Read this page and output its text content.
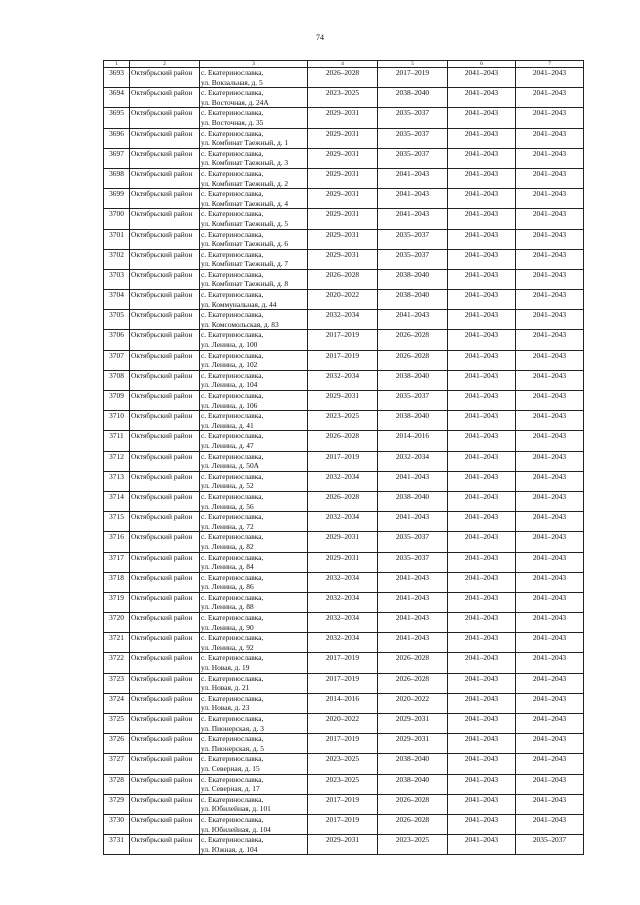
74
1	2	3	4	5	6	7
3693	Октябрьский район	с. Екатеринославка,
ул. Вокзальная, д. 5	2026–2028	2017–2019	2041–2043	2041–2043
3694	Октябрьский район	с. Екатеринославка,
ул. Восточная, д. 24А	2023–2025	2038–2040	2041–2043	2041–2043
3695	Октябрьский район	с. Екатеринославка,
ул. Восточная, д. 35	2029–2031	2035–2037	2041–2043	2041–2043
3696	Октябрьский район	с. Екатеринославка,
ул. Комбинат Таежный, д. 1	2029–2031	2035–2037	2041–2043	2041–2043
3697	Октябрьский район	с. Екатеринославка,
ул. Комбинат Таежный, д. 3	2029–2031	2035–2037	2041–2043	2041–2043
3698	Октябрьский район	с. Екатеринославка,
ул. Комбинат Таежный, д. 2	2029–2031	2041–2043	2041–2043	2041–2043
3699	Октябрьский район	с. Екатеринославка,
ул. Комбинат Таежный, д. 4	2029–2031	2041–2043	2041–2043	2041–2043
3700	Октябрьский район	с. Екатеринославка,
ул. Комбинат Таежный, д. 5	2029–2031	2041–2043	2041–2043	2041–2043
3701	Октябрьский район	с. Екатеринославка,
ул. Комбинат Таежный, д. 6	2029–2031	2035–2037	2041–2043	2041–2043
3702	Октябрьский район	с. Екатеринославка,
ул. Комбинат Таежный, д. 7	2029–2031	2035–2037	2041–2043	2041–2043
3703	Октябрьский район	с. Екатеринославка,
ул. Комбинат Таежный, д. 8	2026–2028	2038–2040	2041–2043	2041–2043
3704	Октябрьский район	с. Екатеринославка,
ул. Коммунальная, д. 44	2020–2022	2038–2040	2041–2043	2041–2043
3705	Октябрьский район	с. Екатеринославка,
ул. Комсомольская, д. 83	2032–2034	2041–2043	2041–2043	2041–2043
3706	Октябрьский район	с. Екатеринославка,
ул. Ленина, д. 100	2017–2019	2026–2028	2041–2043	2041–2043
3707	Октябрьский район	с. Екатеринославка,
ул. Ленина, д. 102	2017–2019	2026–2028	2041–2043	2041–2043
3708	Октябрьский район	с. Екатеринославка,
ул. Ленина, д. 104	2032–2034	2038–2040	2041–2043	2041–2043
3709	Октябрьский район	с. Екатеринославка,
ул. Ленина, д. 106	2029–2031	2035–2037	2041–2043	2041–2043
3710	Октябрьский район	с. Екатеринославка,
ул. Ленина, д. 41	2023–2025	2038–2040	2041–2043	2041–2043
3711	Октябрьский район	с. Екатеринославка,
ул. Ленина, д. 47	2026–2028	2014–2016	2041–2043	2041–2043
3712	Октябрьский район	с. Екатеринославка,
ул. Ленина, д. 50А	2017–2019	2032–2034	2041–2043	2041–2043
3713	Октябрьский район	с. Екатеринославка,
ул. Ленина, д. 52	2032–2034	2041–2043	2041–2043	2041–2043
3714	Октябрьский район	с. Екатеринославка,
ул. Ленина, д. 56	2026–2028	2038–2040	2041–2043	2041–2043
3715	Октябрьский район	с. Екатеринославка,
ул. Ленина, д. 72	2032–2034	2041–2043	2041–2043	2041–2043
3716	Октябрьский район	с. Екатеринославка,
ул. Ленина, д. 82	2029–2031	2035–2037	2041–2043	2041–2043
3717	Октябрьский район	с. Екатеринославка,
ул. Ленина, д. 84	2029–2031	2035–2037	2041–2043	2041–2043
3718	Октябрьский район	с. Екатеринославка,
ул. Ленина, д. 86	2032–2034	2041–2043	2041–2043	2041–2043
3719	Октябрьский район	с. Екатеринославка,
ул. Ленина, д. 88	2032–2034	2041–2043	2041–2043	2041–2043
3720	Октябрьский район	с. Екатеринославка,
ул. Ленина, д. 90	2032–2034	2041–2043	2041–2043	2041–2043
3721	Октябрьский район	с. Екатеринославка,
ул. Ленина, д. 92	2032–2034	2041–2043	2041–2043	2041–2043
3722	Октябрьский район	с. Екатеринославка,
ул. Новая, д. 19	2017–2019	2026–2028	2041–2043	2041–2043
3723	Октябрьский район	с. Екатеринославка,
ул. Новая, д. 21	2017–2019	2026–2028	2041–2043	2041–2043
3724	Октябрьский район	с. Екатеринославка,
ул. Новая, д. 23	2014–2016	2020–2022	2041–2043	2041–2043
3725	Октябрьский район	с. Екатеринославка,
ул. Пионерская, д. 3	2020–2022	2029–2031	2041–2043	2041–2043
3726	Октябрьский район	с. Екатеринославка,
ул. Пионерская, д. 5	2017–2019	2029–2031	2041–2043	2041–2043
3727	Октябрьский район	с. Екатеринославка,
ул. Северная, д. 15	2023–2025	2038–2040	2041–2043	2041–2043
3728	Октябрьский район	с. Екатеринославка,
ул. Северная, д. 17	2023–2025	2038–2040	2041–2043	2041–2043
3729	Октябрьский район	с. Екатеринославка,
ул. Юбилейная, д. 101	2017–2019	2026–2028	2041–2043	2041–2043
3730	Октябрьский район	с. Екатеринославка,
ул. Юбилейная, д. 104	2017–2019	2026–2028	2041–2043	2041–2043
3731	Октябрьский район	с. Екатеринославка,
ул. Южная, д. 104	2029–2031	2023–2025	2041–2043	2035–2037
